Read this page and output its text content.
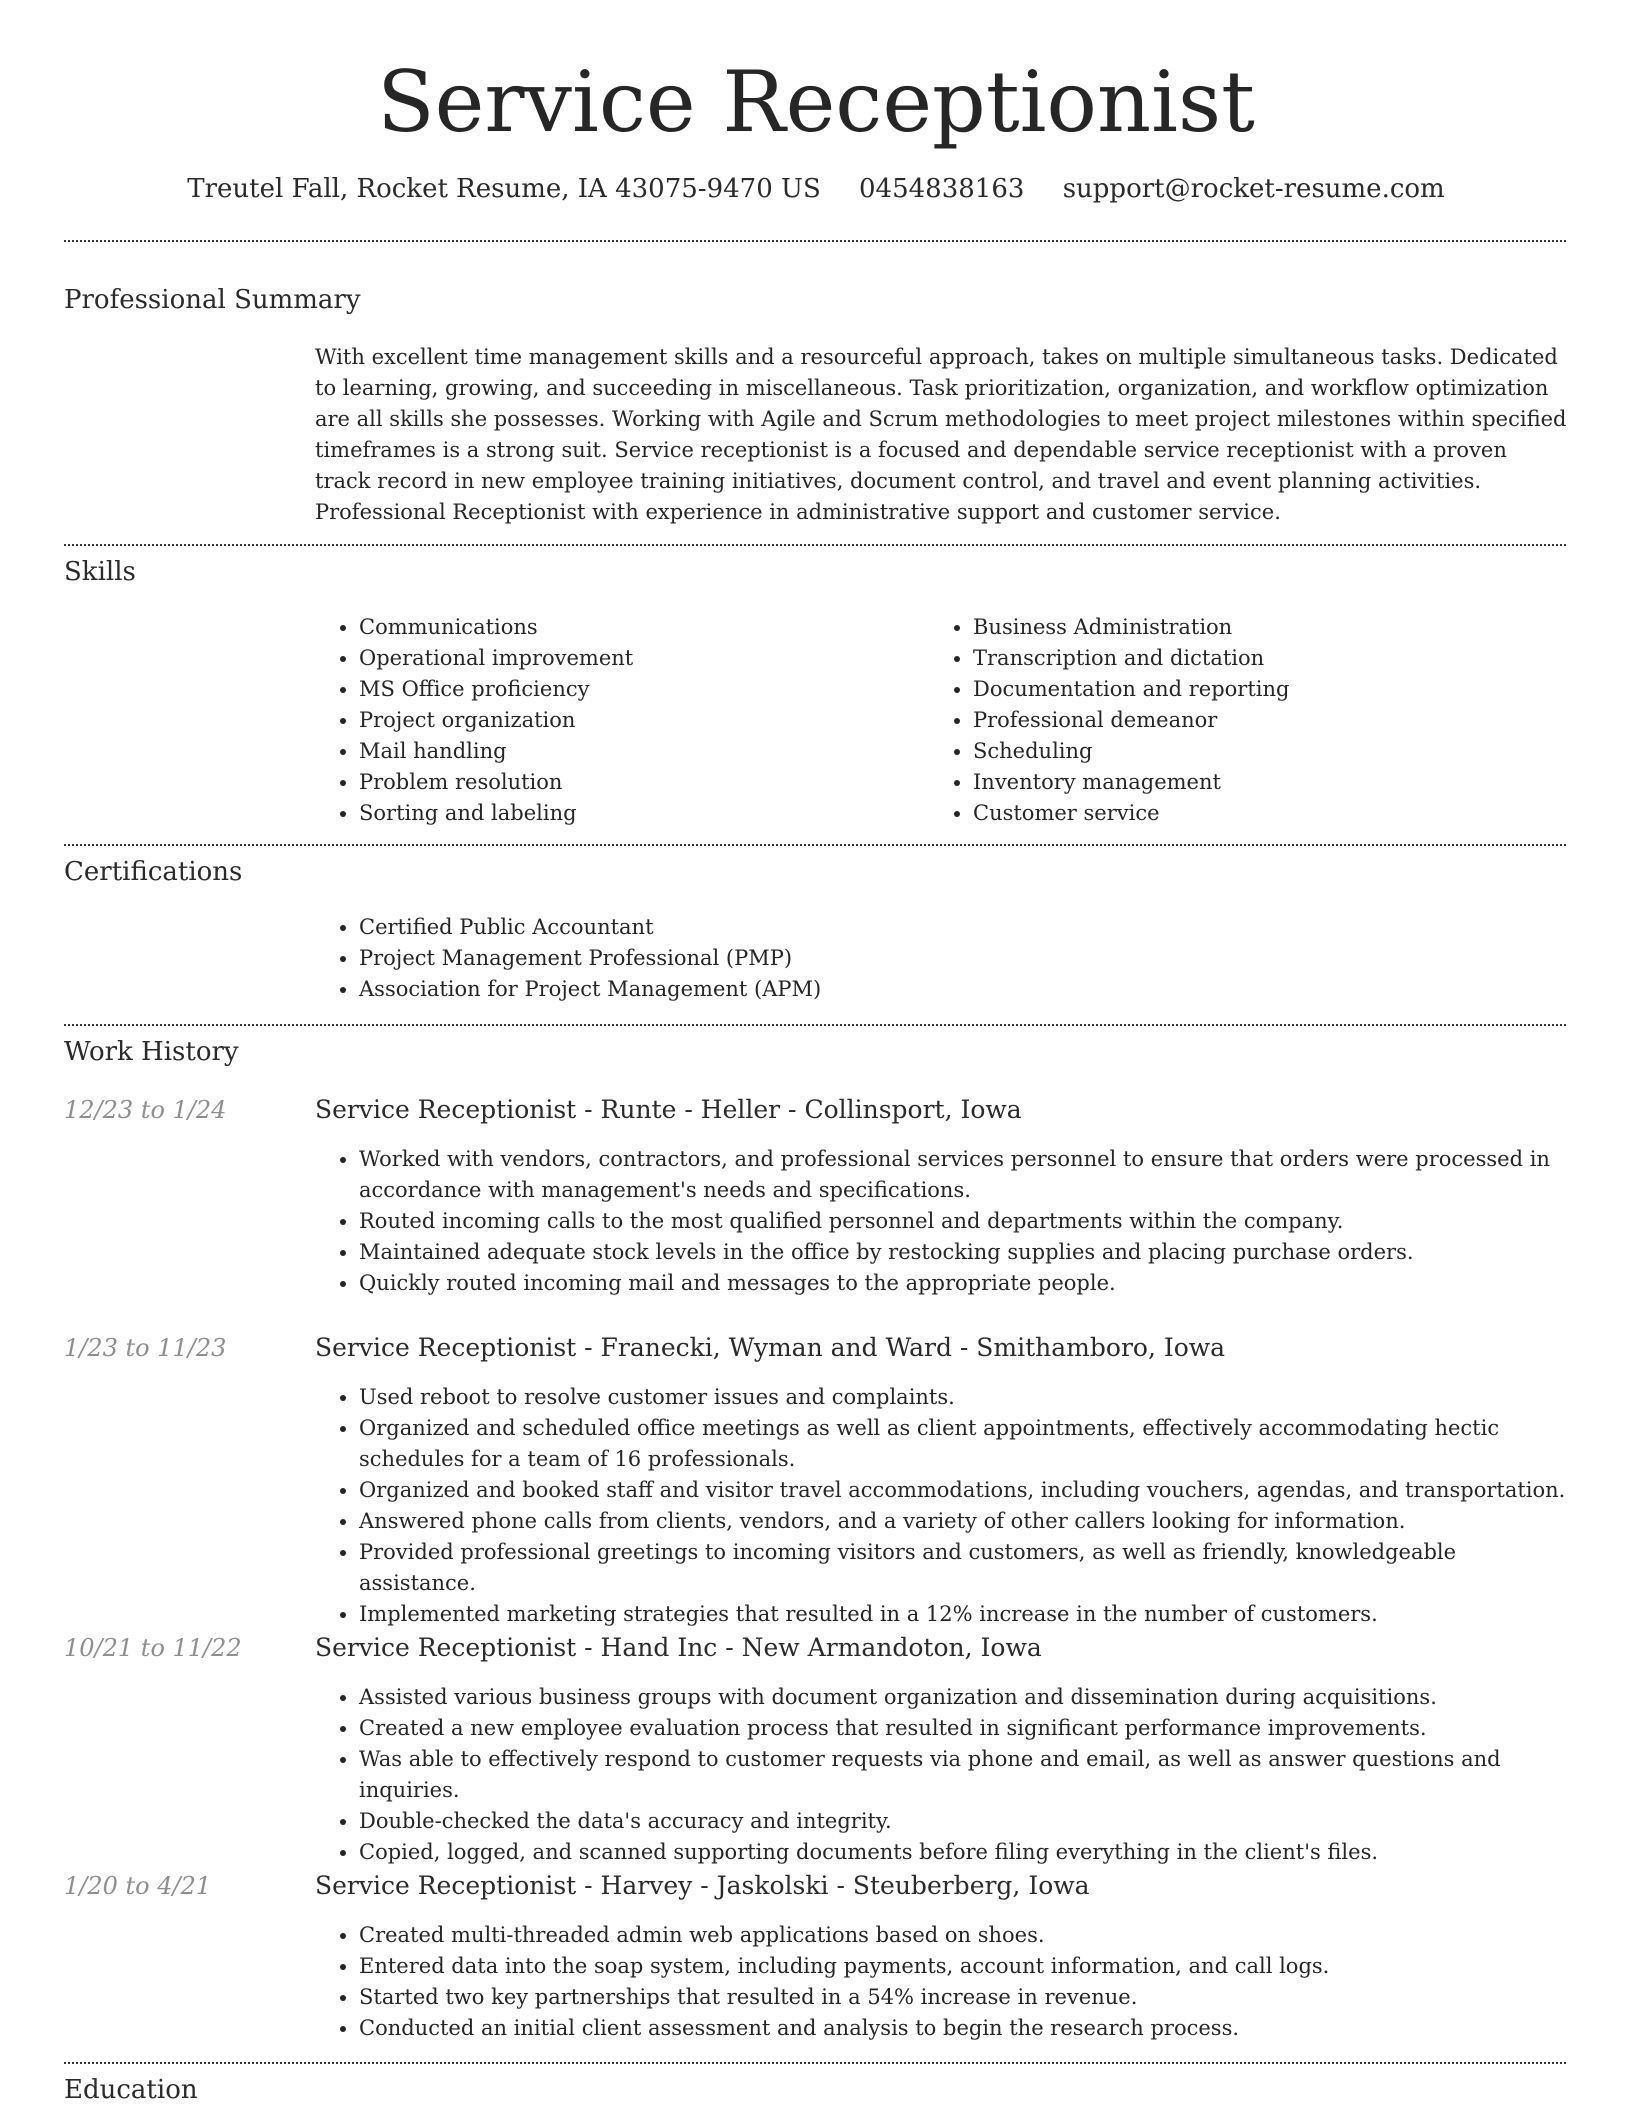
Service Receptionist
Treutel Fall, Rocket Resume, IA 43075-9470 US 0454838163 support@rocket-resume.com
Professional Summary

With excellent time management skills and a resourceful approach, takes on multiple simultaneous tasks. Dedicated to learning, growing, and succeeding in miscellaneous. Task prioritization, organization, and workflow optimization are all skills she possesses. Working with Agile and Scrum methodologies to meet project milestones within specified timeframes is a strong suit. Service receptionist is a focused and dependable service receptionist with a proven track record in new employee training initiatives, document control, and travel and event planning activities. Professional Receptionist with experience in administrative support and customer service.

Skills
• Communications
• Operational improvement
• MS Office proficiency
• Project organization
• Mail handling
• Problem resolution
• Sorting and labeling
• Business Administration
• Transcription and dictation
• Documentation and reporting
• Professional demeanor
• Scheduling
• Inventory management
• Customer service
Certifications
• Certified Public Accountant
• Project Management Professional (PMP)
• Association for Project Management (APM)
Work History
12/23 to 1/24	Service Receptionist - Runte - Heller - Collinsport, Iowa
• Worked with vendors, contractors, and professional services personnel to ensure that orders were processed in accordance with management's needs and specifications.
• Routed incoming calls to the most qualified personnel and departments within the company.
• Maintained adequate stock levels in the office by restocking supplies and placing purchase orders.
• Quickly routed incoming mail and messages to the appropriate people.
1/23 to 11/23	Service Receptionist - Franecki, Wyman and Ward - Smithamboro, Iowa
• Used reboot to resolve customer issues and complaints.
• Organized and scheduled office meetings as well as client appointments, effectively accommodating hectic schedules for a team of 16 professionals.
• Organized and booked staff and visitor travel accommodations, including vouchers, agendas, and transportation.
• Answered phone calls from clients, vendors, and a variety of other callers looking for information.
• Provided professional greetings to incoming visitors and customers, as well as friendly, knowledgeable assistance.
• Implemented marketing strategies that resulted in a 12% increase in the number of customers.
10/21 to 11/22	Service Receptionist - Hand Inc - New Armandoton, Iowa
• Assisted various business groups with document organization and dissemination during acquisitions.
• Created a new employee evaluation process that resulted in significant performance improvements.
• Was able to effectively respond to customer requests via phone and email, as well as answer questions and inquiries.
• Double-checked the data's accuracy and integrity.
• Copied, logged, and scanned supporting documents before filing everything in the client's files.
1/20 to 4/21	Service Receptionist - Harvey - Jaskolski - Steuberberg, Iowa
• Created multi-threaded admin web applications based on shoes.
• Entered data into the soap system, including payments, account information, and call logs.
• Started two key partnerships that resulted in a 54% increase in revenue.
• Conducted an initial client assessment and analysis to begin the research process.
Education
